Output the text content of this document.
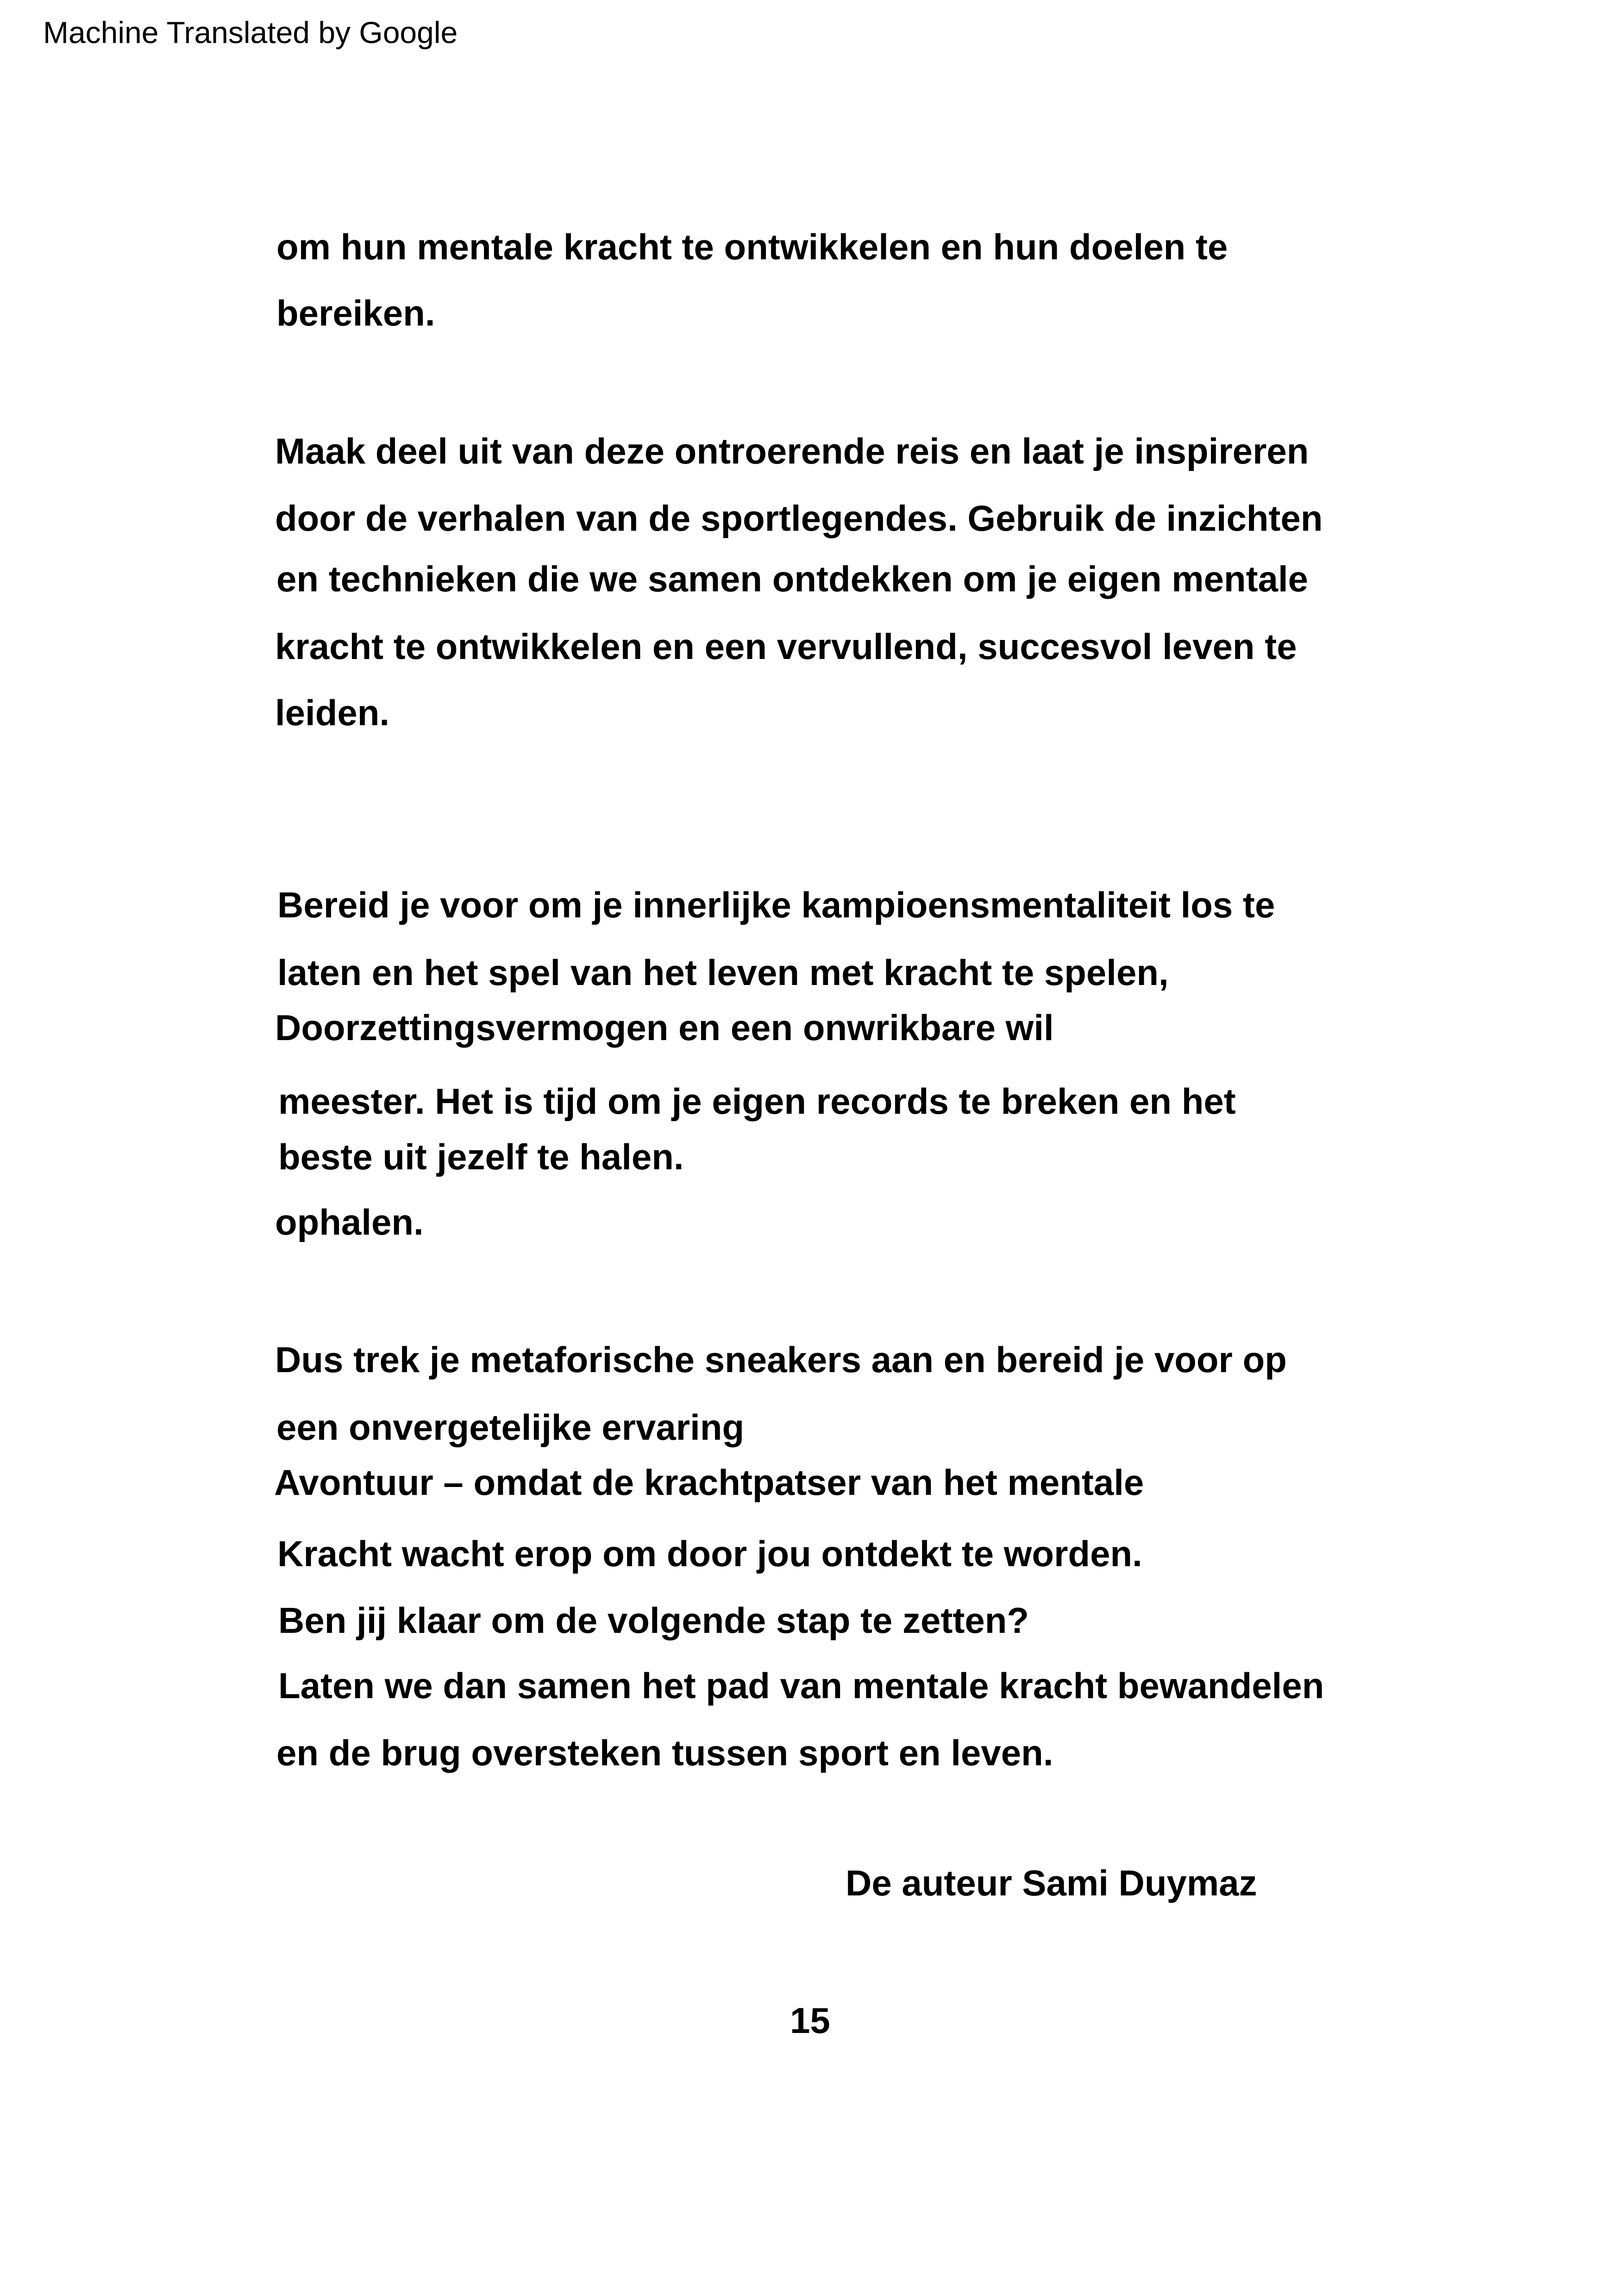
Machine Translated by Google
om hun mentale kracht te ontwikkelen en hun doelen te
bereiken.
Maak deel uit van deze ontroerende reis en laat je inspireren
door de verhalen van de sportlegendes. Gebruik de inzichten
en technieken die we samen ontdekken om je eigen mentale
kracht te ontwikkelen en een vervullend, succesvol leven te
leiden.
Bereid je voor om je innerlijke kampioensmentaliteit los te
laten en het spel van het leven met kracht te spelen,
Doorzettingsvermogen en een onwrikbare wil
meester. Het is tijd om je eigen records te breken en het
beste uit jezelf te halen.
ophalen.
Dus trek je metaforische sneakers aan en bereid je voor op
een onvergetelijke ervaring
Avontuur – omdat de krachtpatser van het mentale
Kracht wacht erop om door jou ontdekt te worden.
Ben jij klaar om de volgende stap te zetten?
Laten we dan samen het pad van mentale kracht bewandelen
en de brug oversteken tussen sport en leven.
De auteur Sami Duymaz
15
